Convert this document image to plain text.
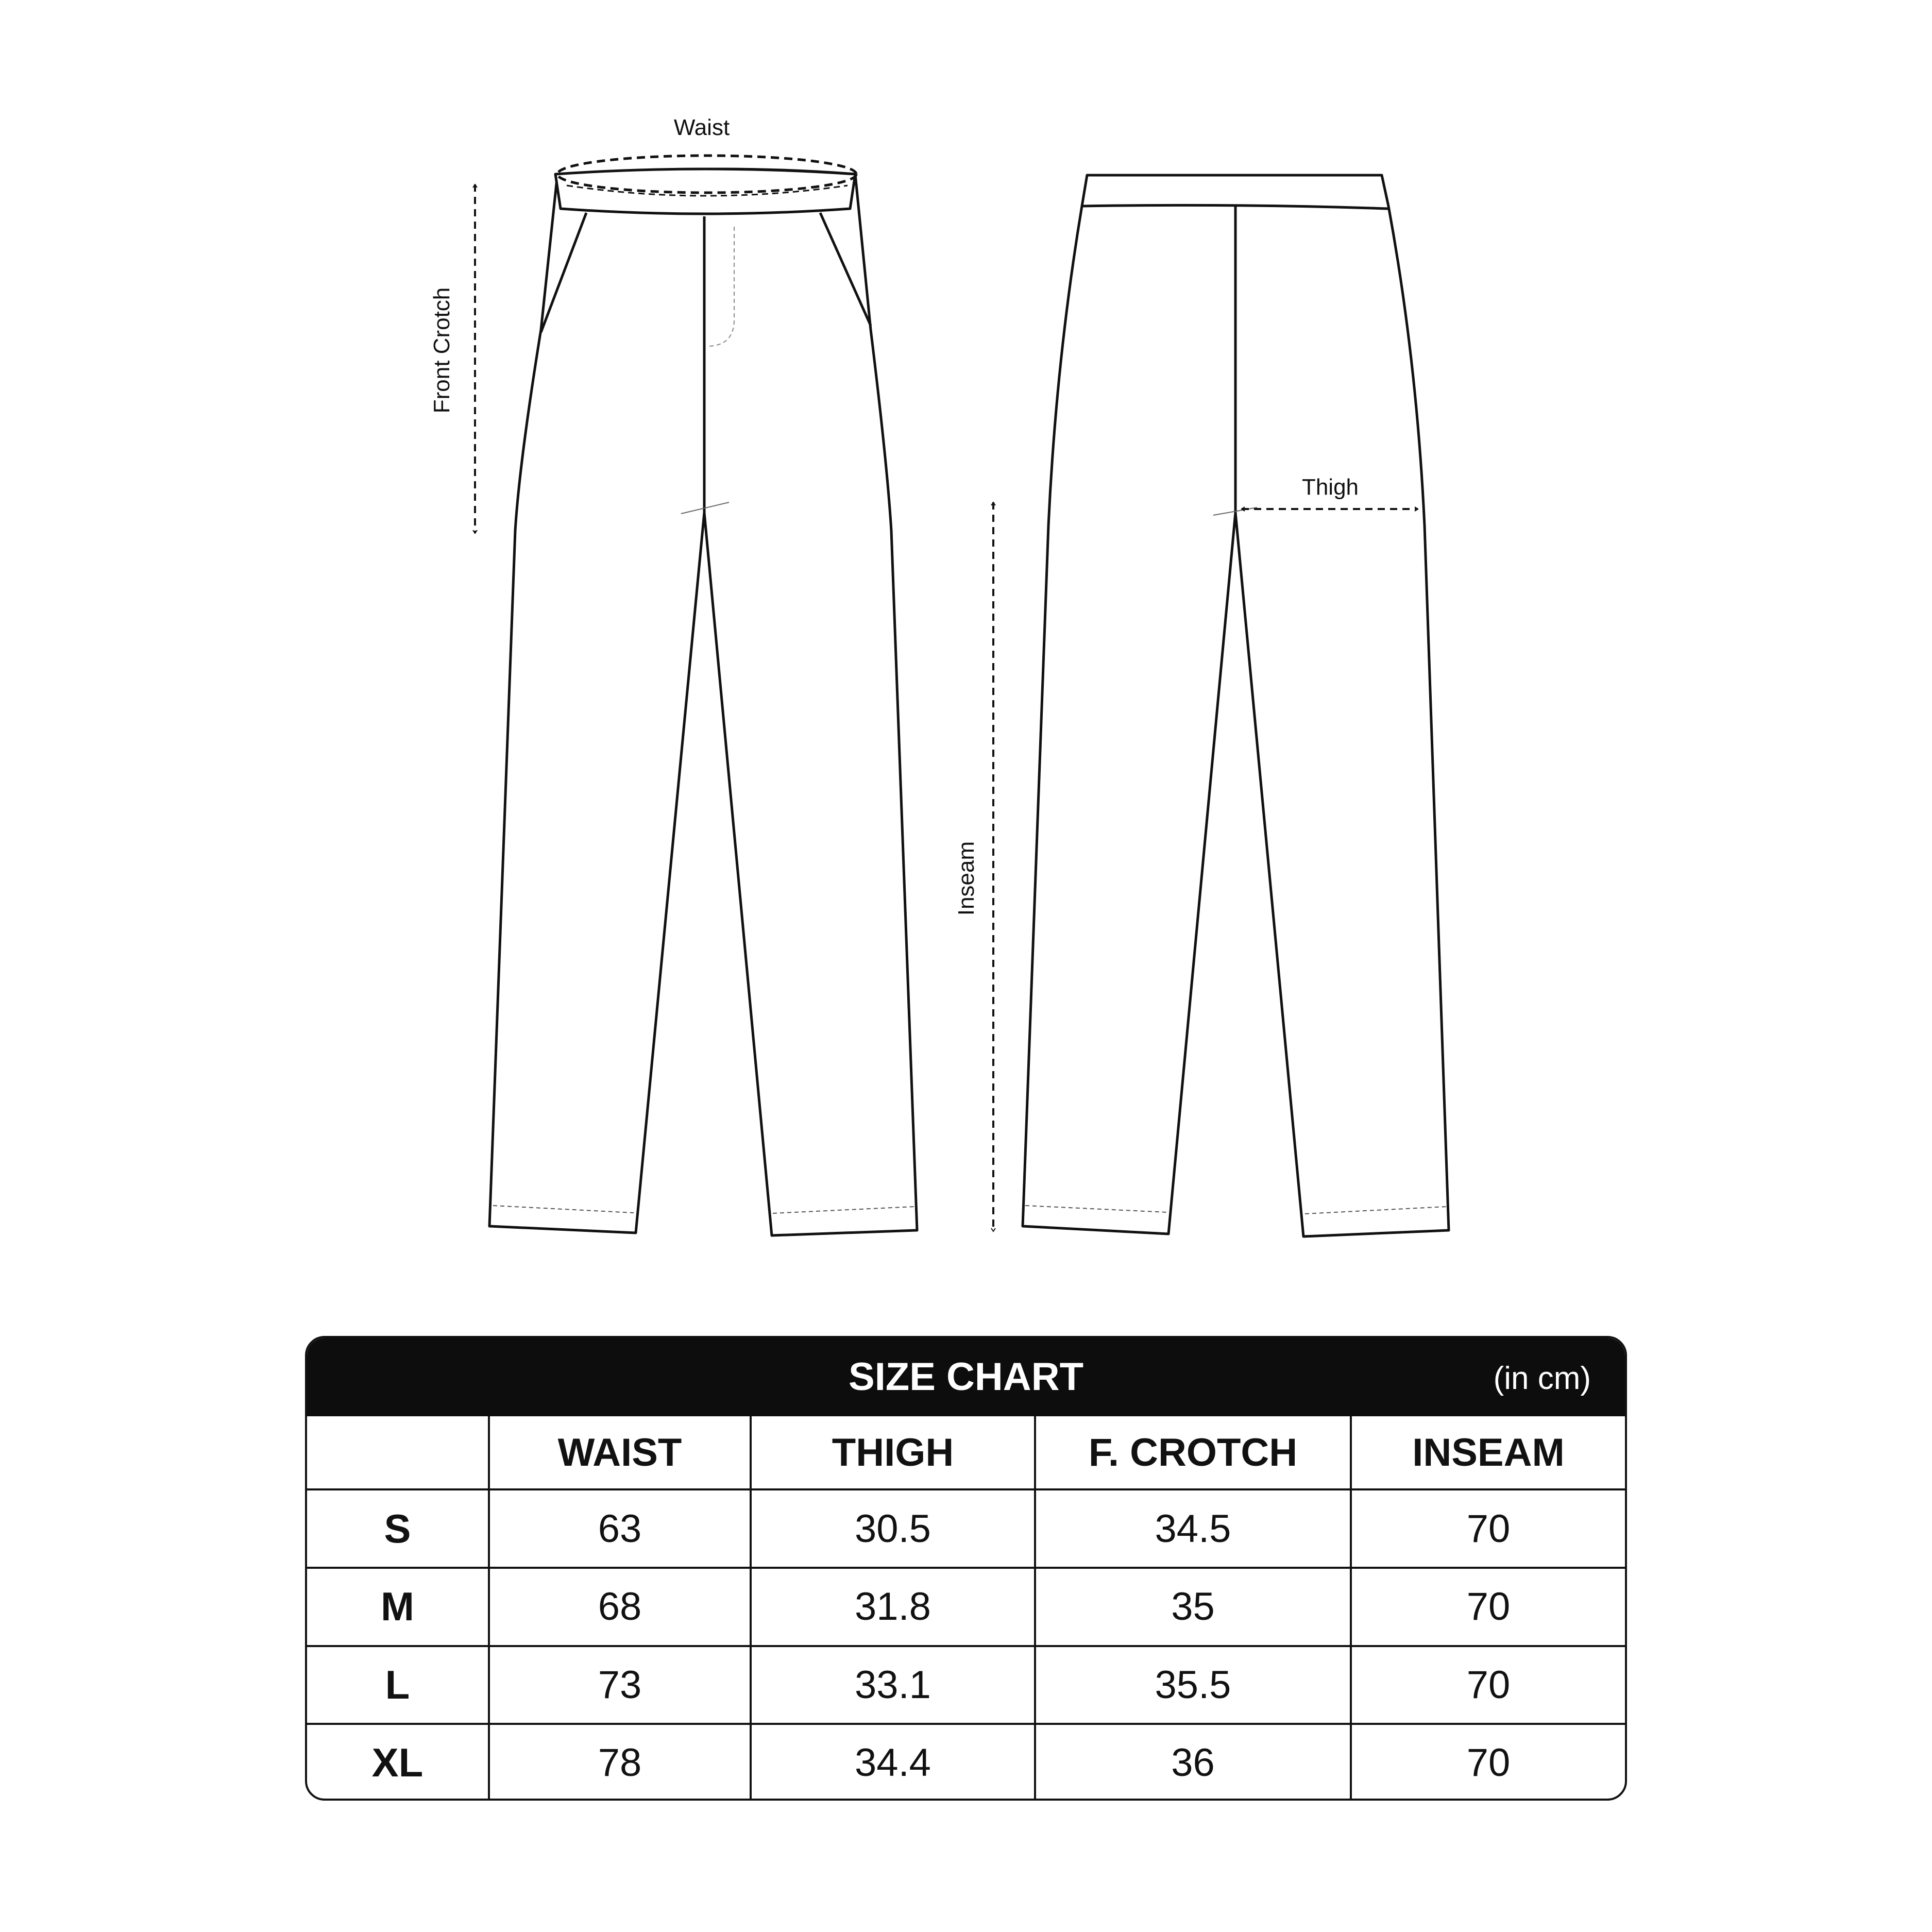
Waist
Front Crotch
Thigh
Inseam
SIZE CHART	(in cm)
	WAIST	THIGH	F. CROTCH	INSEAM
S	63	30.5	34.5	70
M	68	31.8	35	70
L	73	33.1	35.5	70
XL	78	34.4	36	70
